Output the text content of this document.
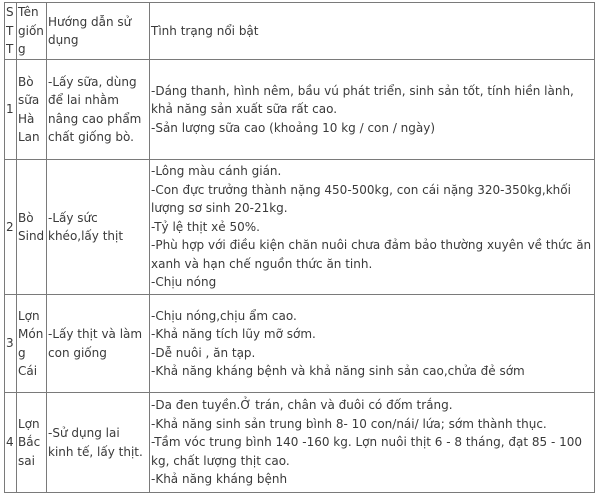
STT	Tên giống	Hướng dẫn sử dụng	Tình trạng nổi bật
1	Bò sữa Hà Lan	-Lấy sữa, dùng để lai nhằm nâng cao phẩm chất giống bò.	-Dáng thanh, hình nêm, bầu vú phát triển, sinh sản tốt, tính hiền lành, khả năng sản xuất sữa rất cao.
-Sản lượng sữa cao (khoảng 10 kg / con / ngày)

2	Bò Sind	-Lấy sức khéo,lấy thịt	-Lông màu cánh gián.
-Con đực trưởng thành nặng 450-500kg, con cái nặng 320-350kg,khối lượng sơ sinh 20-21kg.
-Tỷ lệ thịt xẻ 50%.
-Phù hợp với điều kiện chăn nuôi chưa đảm bảo thường xuyên về thức ăn xanh và hạn chế nguồn thức ăn tinh.
-Chịu nóng

3	Lợn Móng Cái	-Lấy thịt và làm con giống	-Chịu nóng,chịu ẩm cao.
-Khả năng tích lũy mỡ sớm.
-Dễ nuôi , ăn tạp.
-Khả năng kháng bệnh và khả năng sinh sản cao,chửa đẻ sớm

4	Lợn Bắc sai	-Sử dụng lai kinh tế, lấy thịt.	-Da đen tuyền.Ở trán, chân và đuôi có đốm trắng.
-Khả năng sinh sản trung bình 8- 10 con/nái/ lứa; sớm thành thục.
-Tầm vóc trung bình 140 -160 kg. Lợn nuôi thịt 6 - 8 tháng, đạt 85 - 100 kg, chất lượng thịt cao.
-Khả năng kháng bệnh
